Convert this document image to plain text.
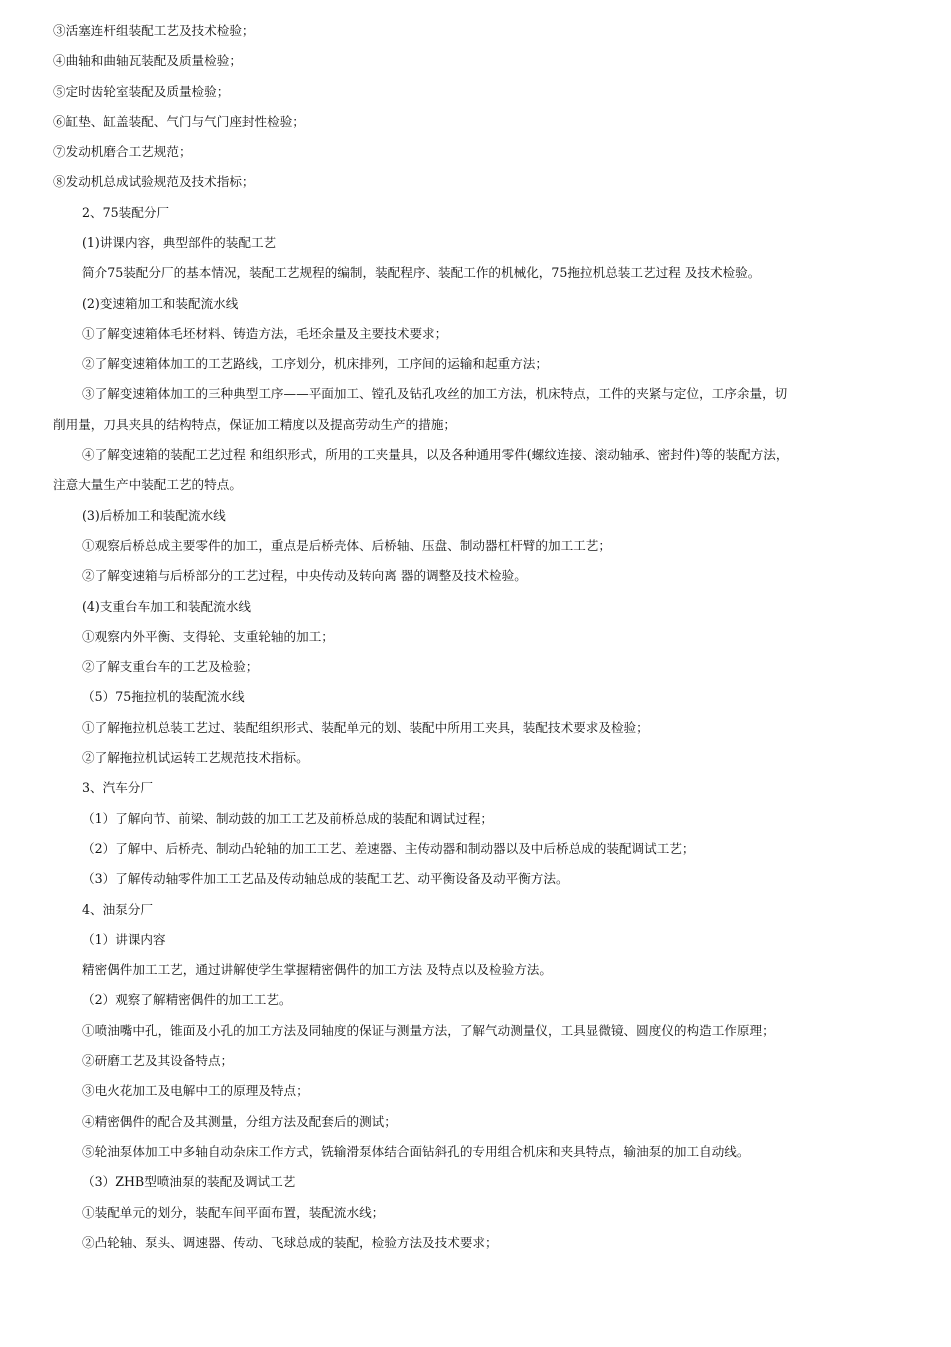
③活塞连杆组装配工艺及技术检验；
④曲轴和曲轴瓦装配及质量检验；
⑤定时齿轮室装配及质量检验；
⑥缸垫、缸盖装配、气门与气门座封性检验；
⑦发动机磨合工艺规范；
⑧发动机总成试验规范及技术指标；
2、75装配分厂
(1)讲课内容，典型部件的装配工艺
简介75装配分厂的基本情况，装配工艺规程的编制，装配程序、装配工作的机械化，75拖拉机总装工艺过程 及技术检验。
(2)变速箱加工和装配流水线
①了解变速箱体毛坯材料、铸造方法，毛坯余量及主要技术要求；
②了解变速箱体加工的工艺路线，工序划分，机床排列，工序间的运输和起重方法；
③了解变速箱体加工的三种典型工序——平面加工、镗孔及钻孔攻丝的加工方法，机床特点，工件的夹紧与定位，工序余量，切
削用量，刀具夹具的结构特点，保证加工精度以及提高劳动生产的措施；
④了解变速箱的装配工艺过程 和组织形式，所用的工夹量具，以及各种通用零件(螺纹连接、滚动轴承、密封件)等的装配方法，
注意大量生产中装配工艺的特点。
(3)后桥加工和装配流水线
①观察后桥总成主要零件的加工，重点是后桥壳体、后桥轴、压盘、制动器杠杆臂的加工工艺；
②了解变速箱与后桥部分的工艺过程，中央传动及转向离 器的调整及技术检验。
(4)支重台车加工和装配流水线
①观察内外平衡、支得轮、支重轮轴的加工；
②了解支重台车的工艺及检验；
（5）75拖拉机的装配流水线
①了解拖拉机总装工艺过、装配组织形式、装配单元的划、装配中所用工夹具，装配技术要求及检验；
②了解拖拉机试运转工艺规范技术指标。
3、汽车分厂
（1）了解向节、前梁、制动鼓的加工工艺及前桥总成的装配和调试过程；
（2）了解中、后桥壳、制动凸轮轴的加工工艺、差速器、主传动器和制动器以及中后桥总成的装配调试工艺；
（3）了解传动轴零件加工工艺品及传动轴总成的装配工艺、动平衡设备及动平衡方法。
4、油泵分厂
（1）讲课内容
精密偶件加工工艺，通过讲解使学生掌握精密偶件的加工方法 及特点以及检验方法。
（2）观察了解精密偶件的加工工艺。
①喷油嘴中孔，锥面及小孔的加工方法及同轴度的保证与测量方法，了解气动测量仪，工具显微镜、圆度仪的构造工作原理；
②研磨工艺及其设备特点；
③电火花加工及电解中工的原理及特点；
④精密偶件的配合及其测量，分组方法及配套后的测试；
⑤轮油泵体加工中多轴自动杂床工作方式，铣输滑泵体结合面钻斜孔的专用组合机床和夹具特点，输油泵的加工自动线。
（3）ZHB型喷油泵的装配及调试工艺
①装配单元的划分，装配车间平面布置，装配流水线；
②凸轮轴、泵头、调速器、传动、飞球总成的装配，检验方法及技术要求；
